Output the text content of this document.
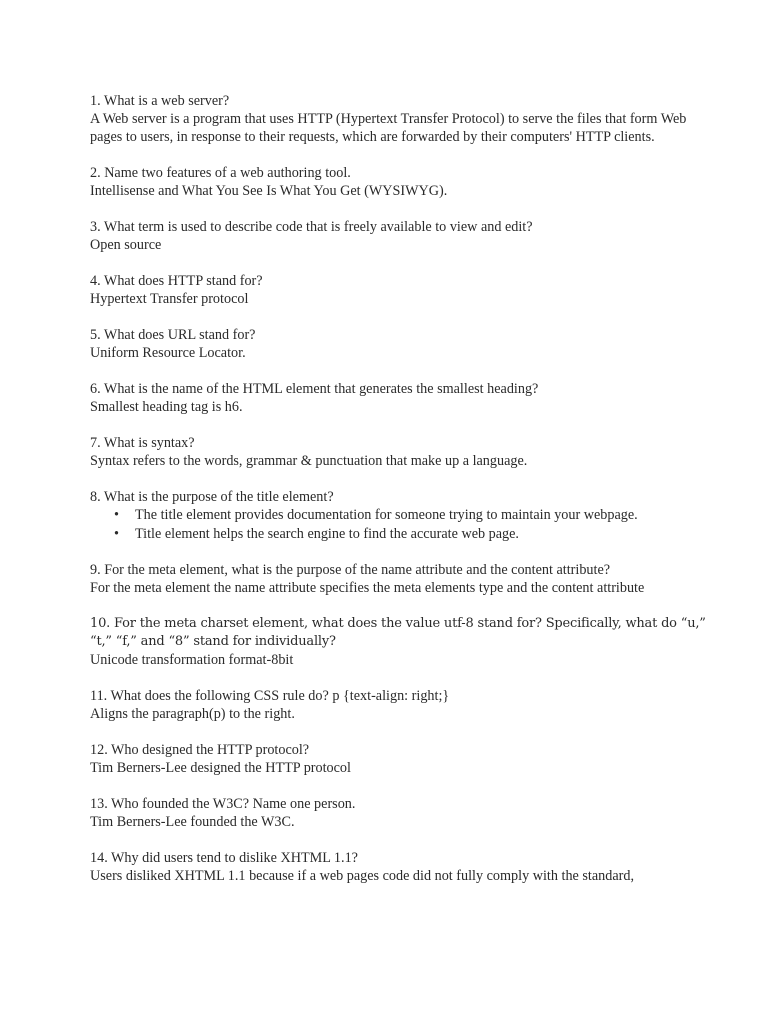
1. What is a web server?
A Web server is a program that uses HTTP (Hypertext Transfer Protocol) to serve the files that form Web pages to users, in response to their requests, which are forwarded by their computers' HTTP clients.

2. Name two features of a web authoring tool.
Intellisense and What You See Is What You Get (WYSIWYG).

3. What term is used to describe code that is freely available to view and edit?
Open source

4. What does HTTP stand for?
Hypertext Transfer protocol

5. What does URL stand for?
Uniform Resource Locator.

6. What is the name of the HTML element that generates the smallest heading?
Smallest heading tag is h6.

7. What is syntax?
Syntax refers to the words, grammar & punctuation that make up a language.

8. What is the purpose of the title element?

• The title element provides documentation for someone trying to maintain your webpage.
• Title element helps the search engine to find the accurate web page.

9. For the meta element, what is the purpose of the name attribute and the content attribute?
For the meta element the name attribute specifies the meta elements type and the content attribute

10. For the meta charset element, what does the value utf-8 stand for? Specifically, what do “u,” “t,” “f,” and “8” stand for individually?
Unicode transformation format-8bit

11. What does the following CSS rule do? p {text-align: right;}
Aligns the paragraph(p) to the right.

12. Who designed the HTTP protocol?
Tim Berners-Lee designed the HTTP protocol

13. Who founded the W3C? Name one person.
Tim Berners-Lee founded the W3C.

14. Why did users tend to dislike XHTML 1.1?
Users disliked XHTML 1.1 because if a web pages code did not fully comply with the standard,
